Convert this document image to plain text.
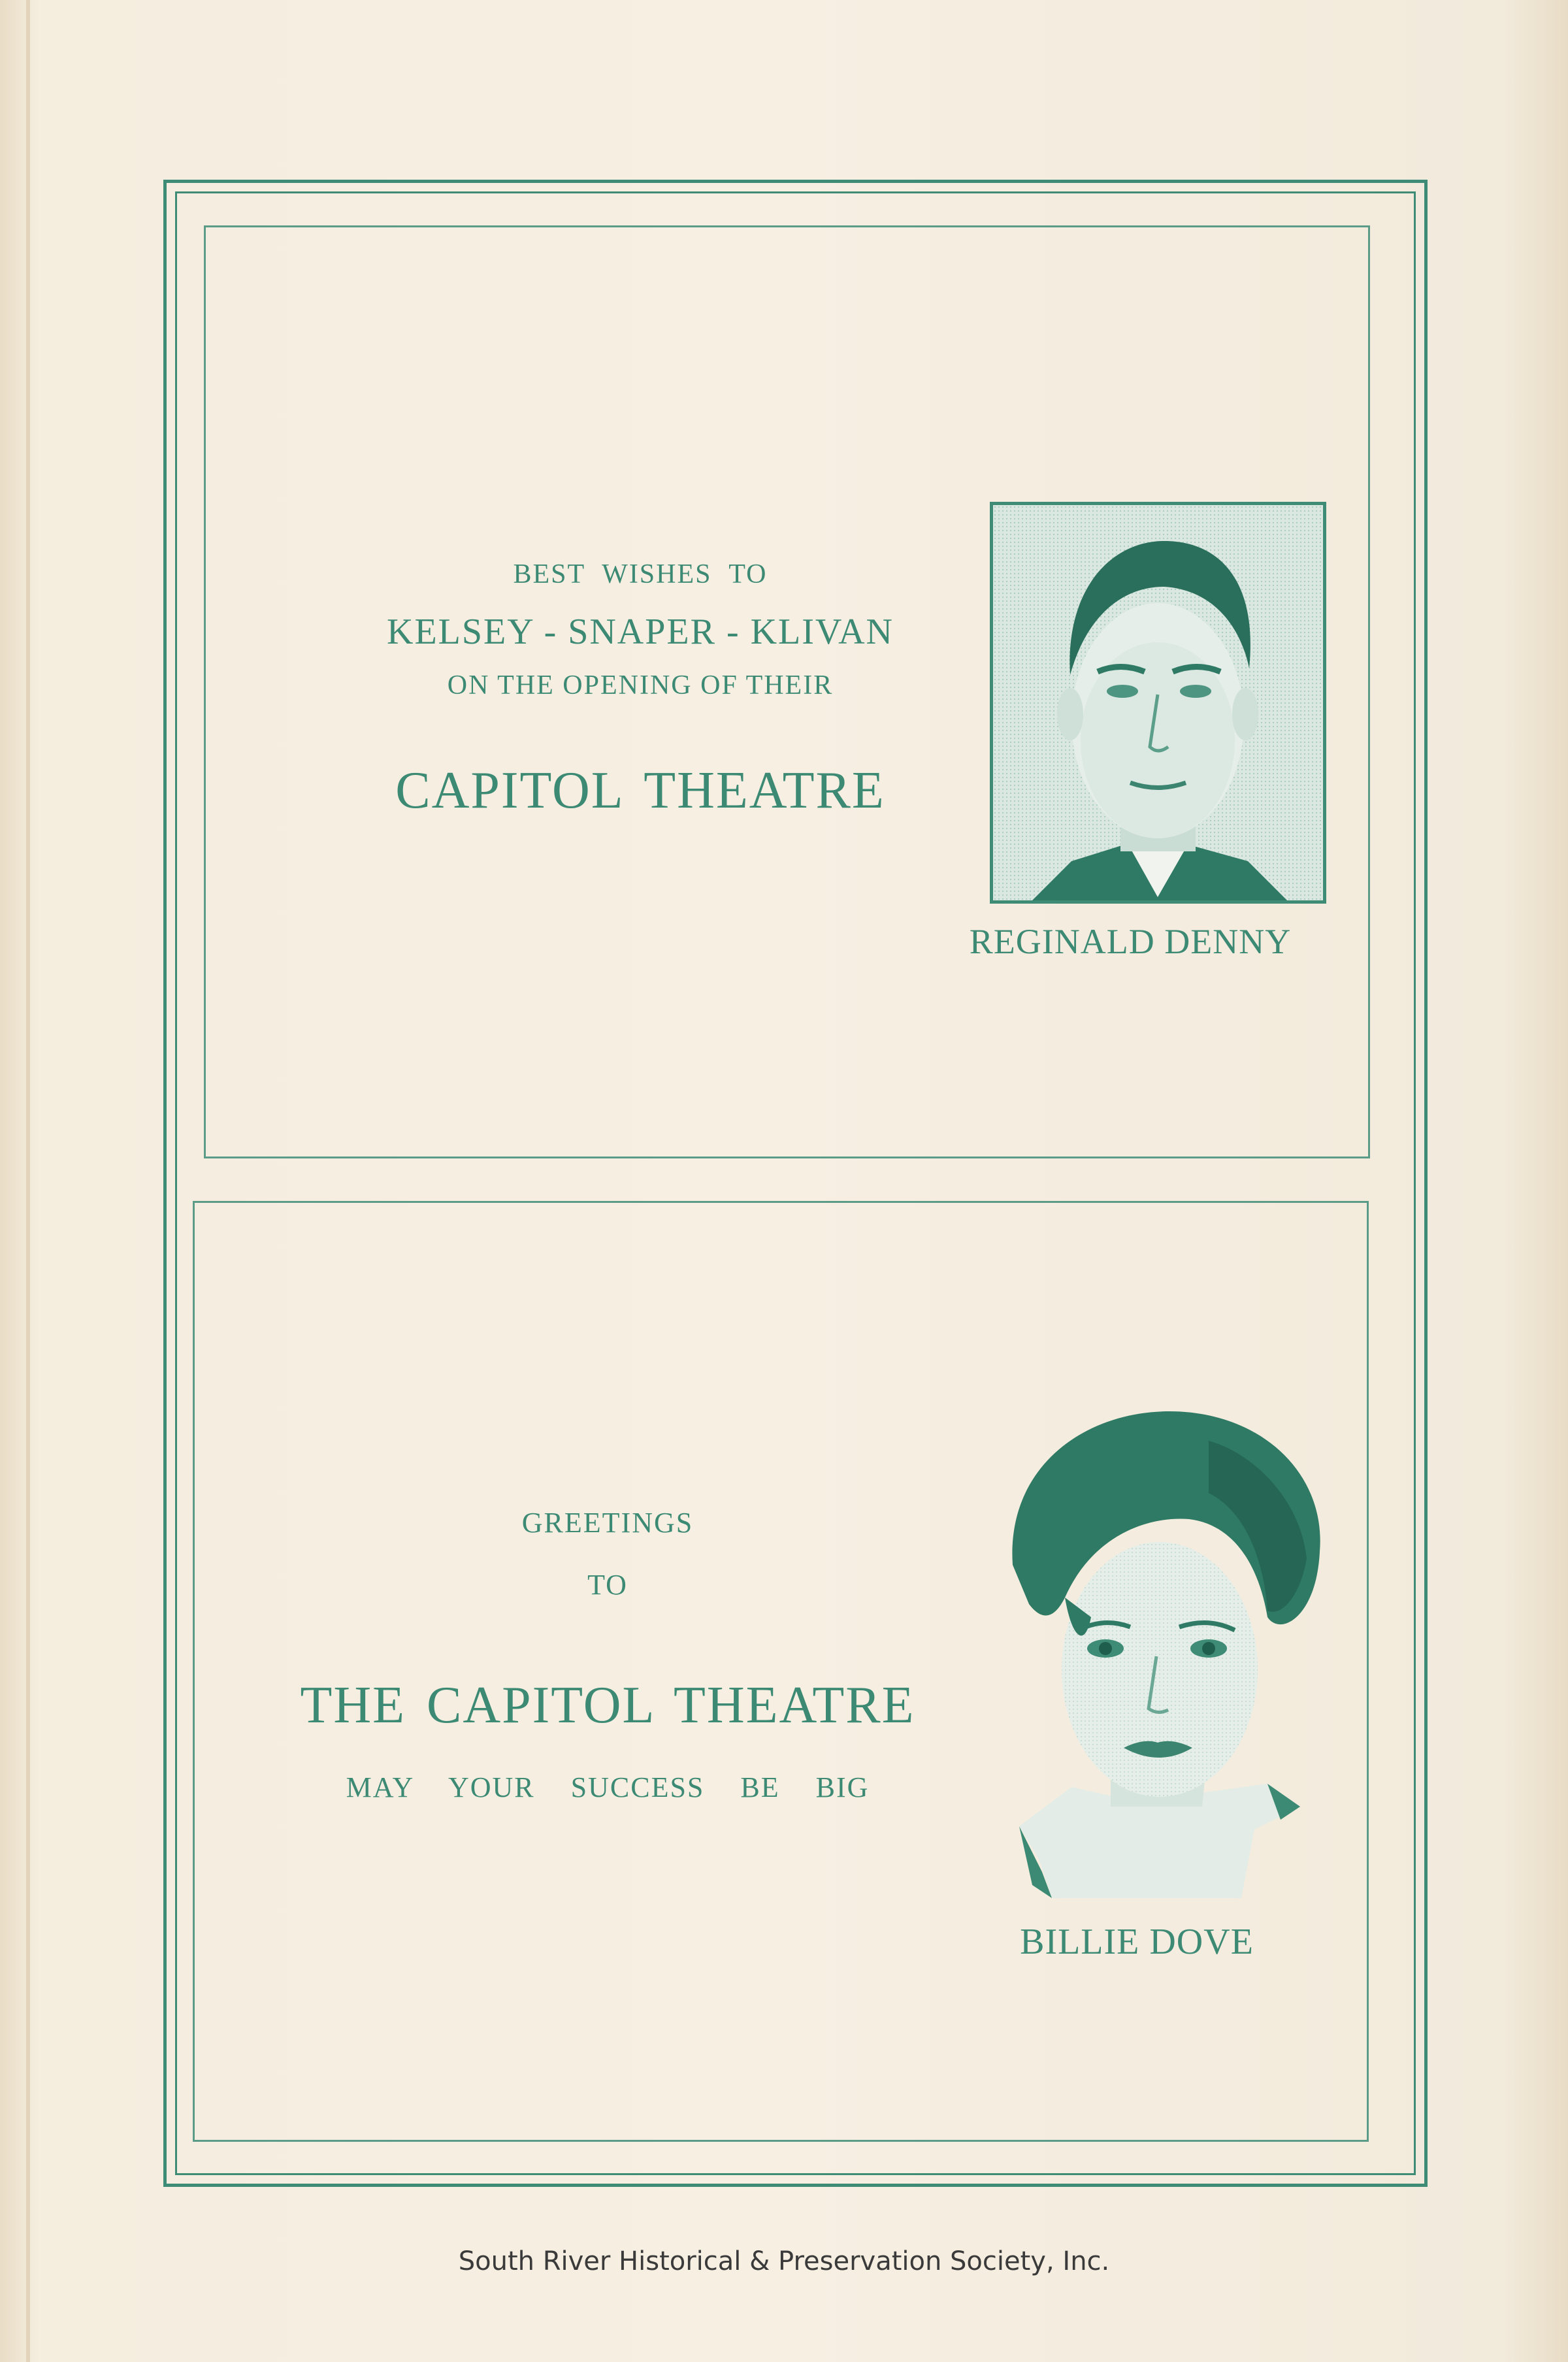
BEST WISHES TO
KELSEY - SNAPER - KLIVAN
ON THE OPENING OF THEIR
CAPITOL THEATRE
REGINALD DENNY
GREETINGS
TO
THE CAPITOL THEATRE
MAY YOUR SUCCESS BE BIG
BILLIE DOVE
South River Historical & Preservation Society, Inc.
